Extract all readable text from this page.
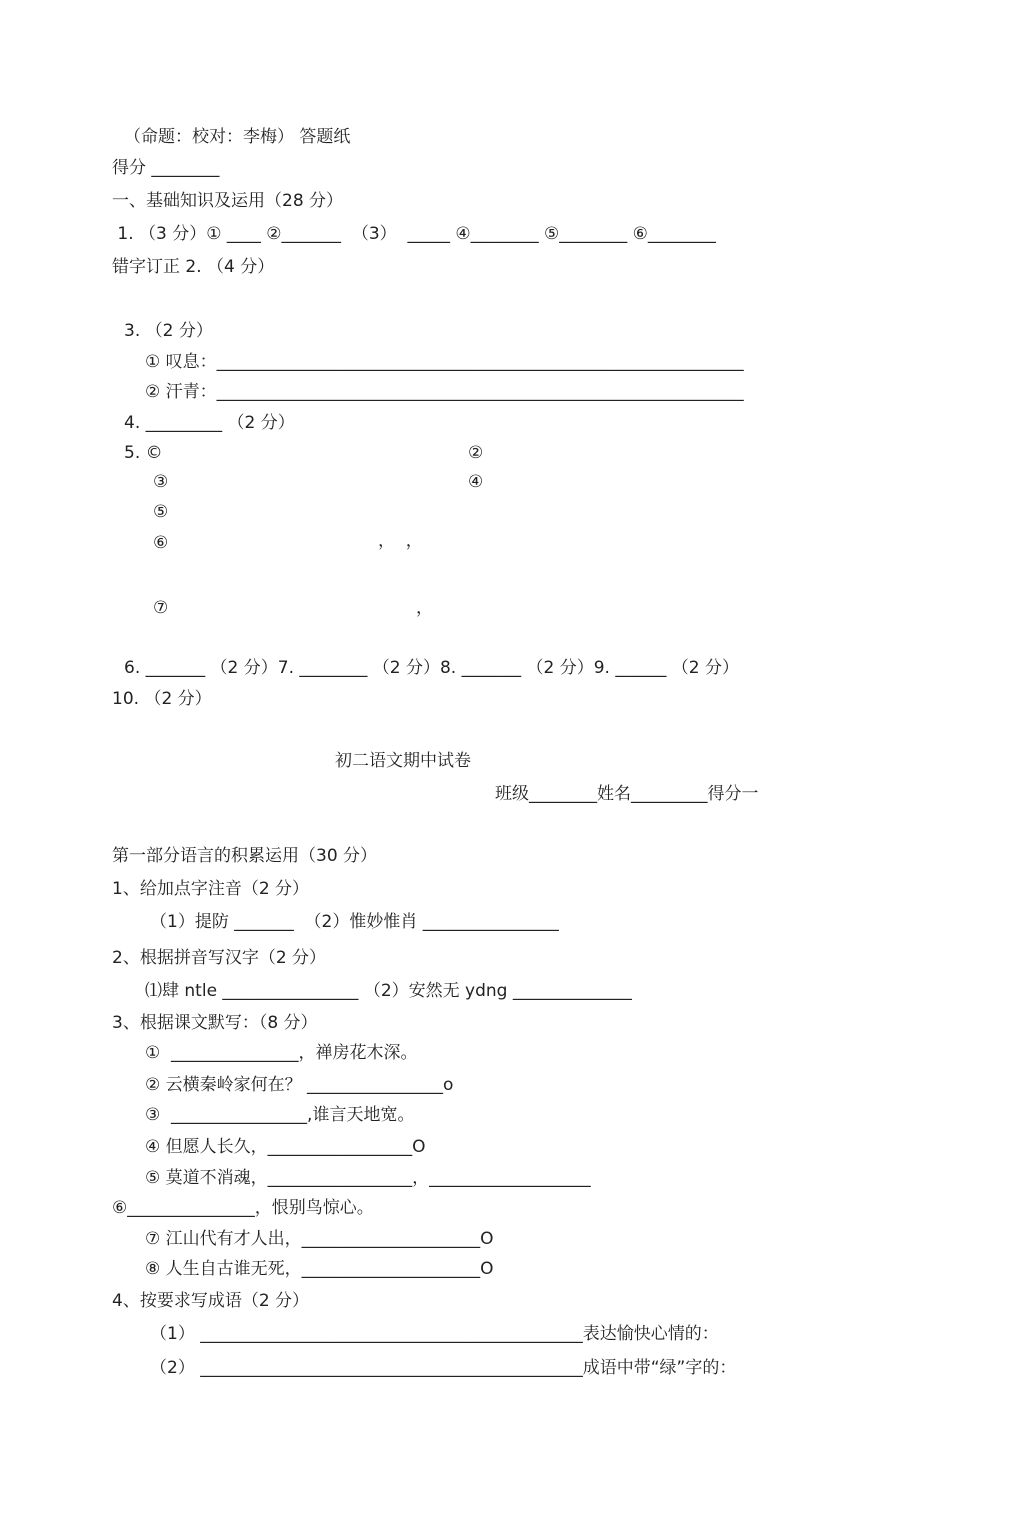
（命题：校对：李梅） 答题纸
得分 ________
一、基础知识及运用（28 分）
1. （3 分）① ____ ②_______  （3）  _____ ④________ ⑤________ ⑥________
错字订正 2. （4 分）
3. （2 分）
① 叹息：______________________________________________________________
② 汗青：______________________________________________________________
4. _________ （2 分）
5. ©	②
③	④
⑤
⑥	，  ，
⑦	，
6. _______ （2 分）7. ________ （2 分）8. _______ （2 分）9. ______ （2 分）
10. （2 分）
初二语文期中试卷
班级________姓名_________得分一
第一部分语言的积累运用（30 分）
1、给加点字注音（2 分）
（1）提防 _______  （2）惟妙惟肖 ________________
2、根据拼音写汉字（2 分）
⑴肆 ntle ________________ （2）安然无 ydng ______________
3、根据课文默写：（8 分）
①  _______________，禅房花木深。
② 云横秦岭家何在？ ________________o
③  ________________,谁言天地宽。
④ 但愿人长久，_________________O
⑤ 莫道不消魂，_________________，___________________
⑥_______________，恨别鸟惊心。
⑦ 江山代有才人出，_____________________O
⑧ 人生自古谁无死，_____________________O
4、按要求写成语（2 分）
（1） _____________________________________________表达愉快心情的：
（2） _____________________________________________成语中带“绿”字的：
